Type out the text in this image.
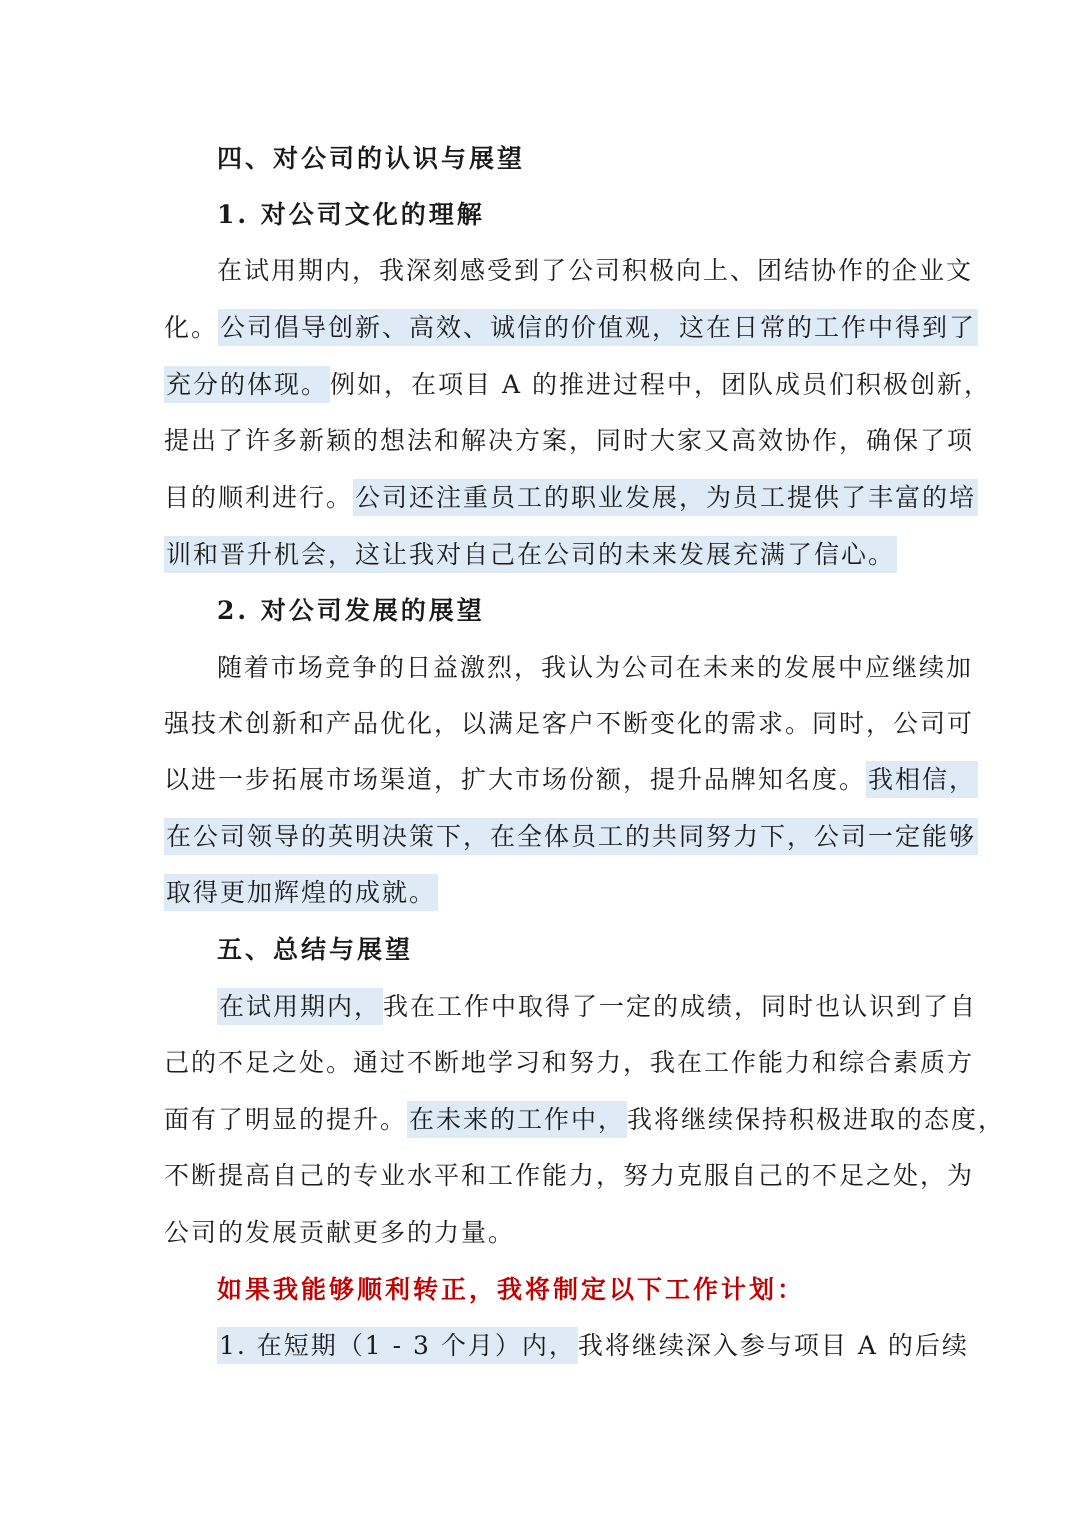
四、对公司的认识与展望
1. 对公司文化的理解
在试用期内，我深刻感受到了公司积极向上、团结协作的企业文
化。公司倡导创新、高效、诚信的价值观，这在日常的工作中得到了
充分的体现。例如，在项目 A 的推进过程中，团队成员们积极创新，
提出了许多新颖的想法和解决方案，同时大家又高效协作，确保了项
目的顺利进行。公司还注重员工的职业发展，为员工提供了丰富的培
训和晋升机会，这让我对自己在公司的未来发展充满了信心。
2. 对公司发展的展望
随着市场竞争的日益激烈，我认为公司在未来的发展中应继续加
强技术创新和产品优化，以满足客户不断变化的需求。同时，公司可
以进一步拓展市场渠道，扩大市场份额，提升品牌知名度。我相信，
在公司领导的英明决策下，在全体员工的共同努力下，公司一定能够
取得更加辉煌的成就。
五、总结与展望
在试用期内，我在工作中取得了一定的成绩，同时也认识到了自
己的不足之处。通过不断地学习和努力，我在工作能力和综合素质方
面有了明显的提升。在未来的工作中，我将继续保持积极进取的态度，
不断提高自己的专业水平和工作能力，努力克服自己的不足之处，为
公司的发展贡献更多的力量。
如果我能够顺利转正，我将制定以下工作计划：
1. 在短期（1 - 3 个月）内，我将继续深入参与项目 A 的后续
